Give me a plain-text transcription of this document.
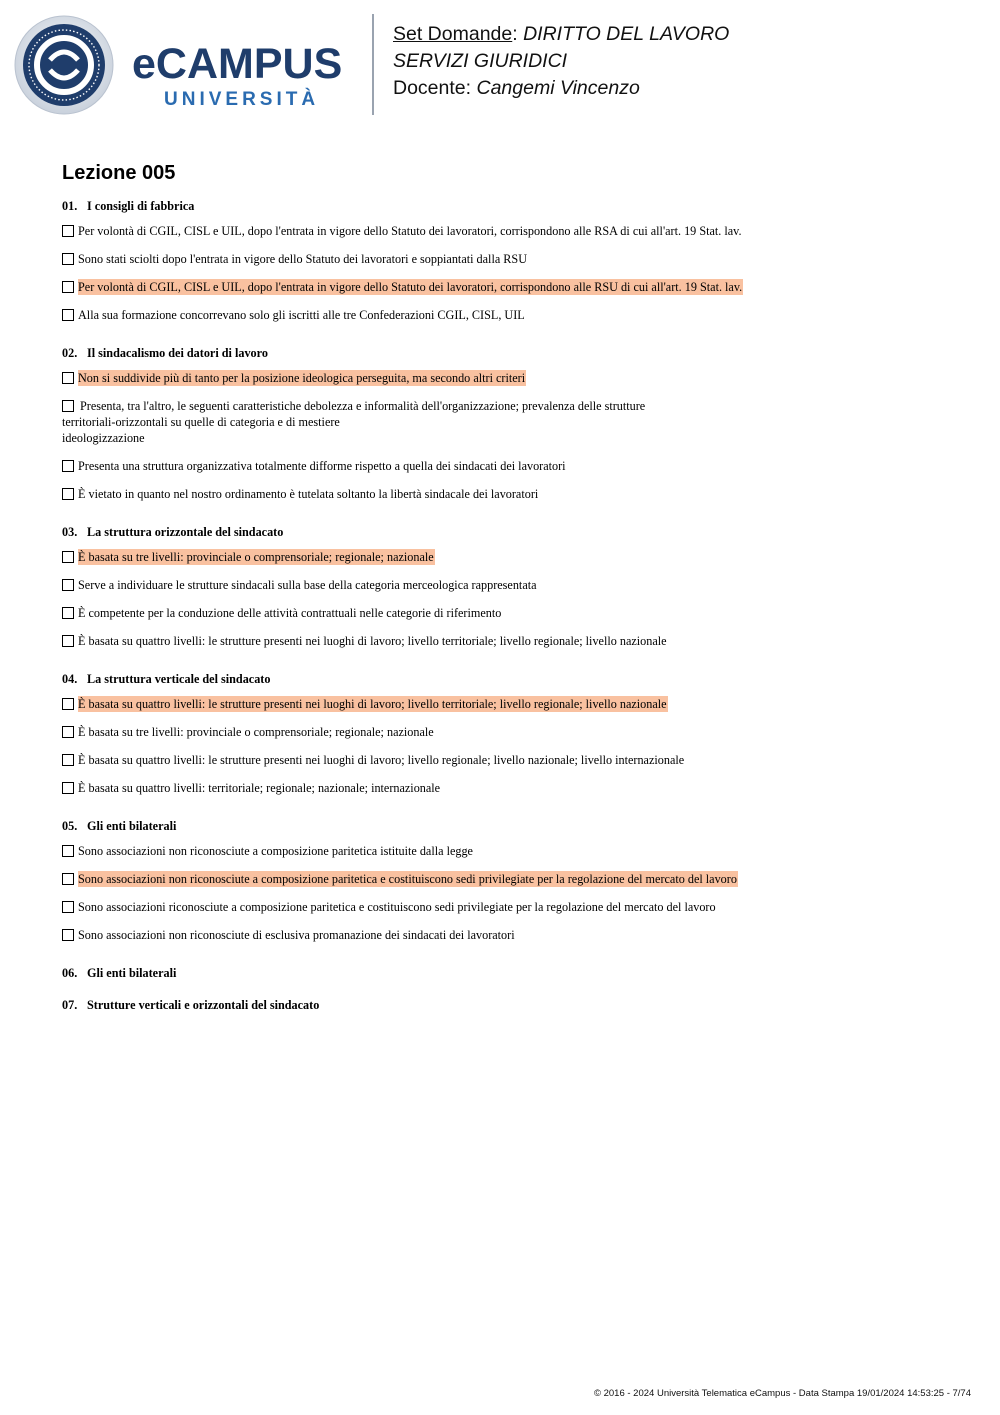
eCAMPUS
UNIVERSITÀ
Set Domande: DIRITTO DEL LAVORO
SERVIZI GIURIDICI
Docente: Cangemi Vincenzo
Lezione 005
01. I consigli di fabbrica
Per volontà di CGIL, CISL e UIL, dopo l'entrata in vigore dello Statuto dei lavoratori, corrispondono alle RSA di cui all'art. 19 Stat. lav.
Sono stati sciolti dopo l'entrata in vigore dello Statuto dei lavoratori e soppiantati dalla RSU
Per volontà di CGIL, CISL e UIL, dopo l'entrata in vigore dello Statuto dei lavoratori, corrispondono alle RSU di cui all'art. 19 Stat. lav.
Alla sua formazione concorrevano solo gli iscritti alle tre Confederazioni CGIL, CISL, UIL
02. Il sindacalismo dei datori di lavoro
Non si suddivide più di tanto per la posizione ideologica perseguita, ma secondo altri criteri
Presenta, tra l'altro, le seguenti caratteristiche debolezza e informalità dell'organizzazione; prevalenza delle strutture
territoriali-orizzontali su quelle di categoria e di mestiere
ideologizzazione
Presenta una struttura organizzativa totalmente difforme rispetto a quella dei sindacati dei lavoratori
È vietato in quanto nel nostro ordinamento è tutelata soltanto la libertà sindacale dei lavoratori
03. La struttura orizzontale del sindacato
È basata su tre livelli: provinciale o comprensoriale; regionale; nazionale
Serve a individuare le strutture sindacali sulla base della categoria merceologica rappresentata
È competente per la conduzione delle attività contrattuali nelle categorie di riferimento
È basata su quattro livelli: le strutture presenti nei luoghi di lavoro; livello territoriale; livello regionale; livello nazionale
04. La struttura verticale del sindacato
È basata su quattro livelli: le strutture presenti nei luoghi di lavoro; livello territoriale; livello regionale; livello nazionale
È basata su tre livelli: provinciale o comprensoriale; regionale; nazionale
È basata su quattro livelli: le strutture presenti nei luoghi di lavoro; livello regionale; livello nazionale; livello internazionale
È basata su quattro livelli: territoriale; regionale; nazionale; internazionale
05. Gli enti bilaterali
Sono associazioni non riconosciute a composizione paritetica istituite dalla legge
Sono associazioni non riconosciute a composizione paritetica e costituiscono sedi privilegiate per la regolazione del mercato del lavoro
Sono associazioni riconosciute a composizione paritetica e costituiscono sedi privilegiate per la regolazione del mercato del lavoro
Sono associazioni non riconosciute di esclusiva promanazione dei sindacati dei lavoratori
06. Gli enti bilaterali
07. Strutture verticali e orizzontali del sindacato
© 2016 - 2024 Università Telematica eCampus - Data Stampa 19/01/2024 14:53:25 - 7/74
